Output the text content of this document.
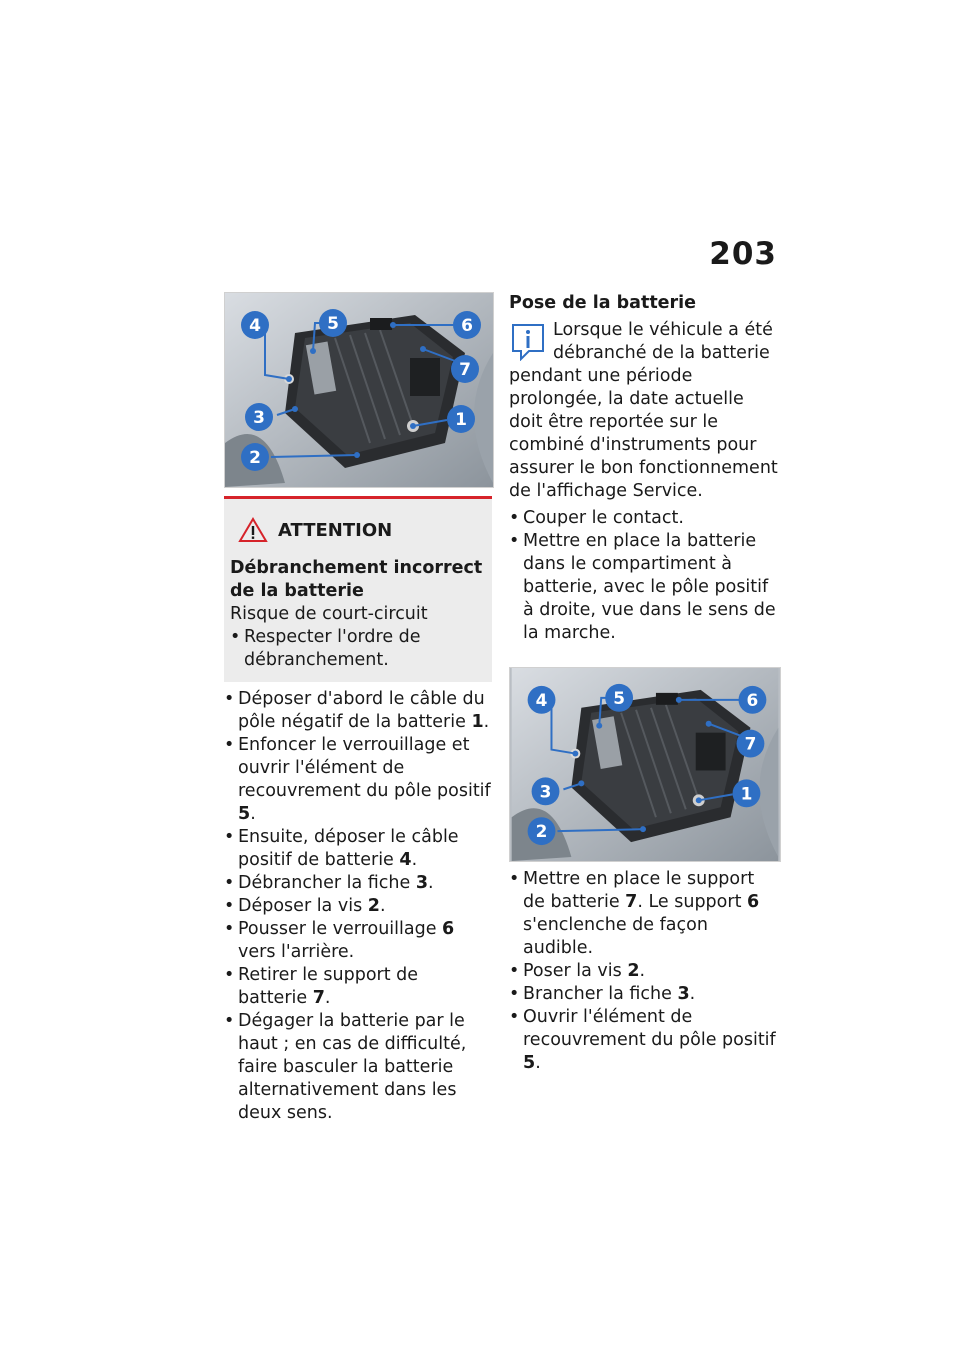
203
4	5	6
7
1
3
2
ATTENTION
Débranchement incorrect de la batterie
Risque de court-circuit
• Respecter l'ordre de débranchement.
• Déposer d'abord le câble du pôle négatif de la batterie 1.
• Enfoncer le verrouillage et ouvrir l'élément de recouvrement du pôle positif 5.
• Ensuite, déposer le câble positif de batterie 4.
• Débrancher la fiche 3.
• Déposer la vis 2.
• Pousser le verrouillage 6 vers l'arrière.
• Retirer le support de batterie 7.
• Dégager la batterie par le haut ; en cas de difficulté, faire basculer la batterie alternativement dans les deux sens.
Pose de la batterie

Lorsque le véhicule a été débranché de la batterie pendant une période prolongée, la date actuelle doit être reportée sur le combiné d'instruments pour assurer le bon fonctionnement de l'affichage Service.

• Couper le contact.
• Mettre en place la batterie dans le compartiment à batterie, avec le pôle positif à droite, vue dans le sens de la marche.
4	5	6
7
1
3
2
• Mettre en place le support de batterie 7. Le support 6 s'enclenche de façon audible.
• Poser la vis 2.
• Brancher la fiche 3.
• Ouvrir l'élément de recouvrement du pôle positif 5.
